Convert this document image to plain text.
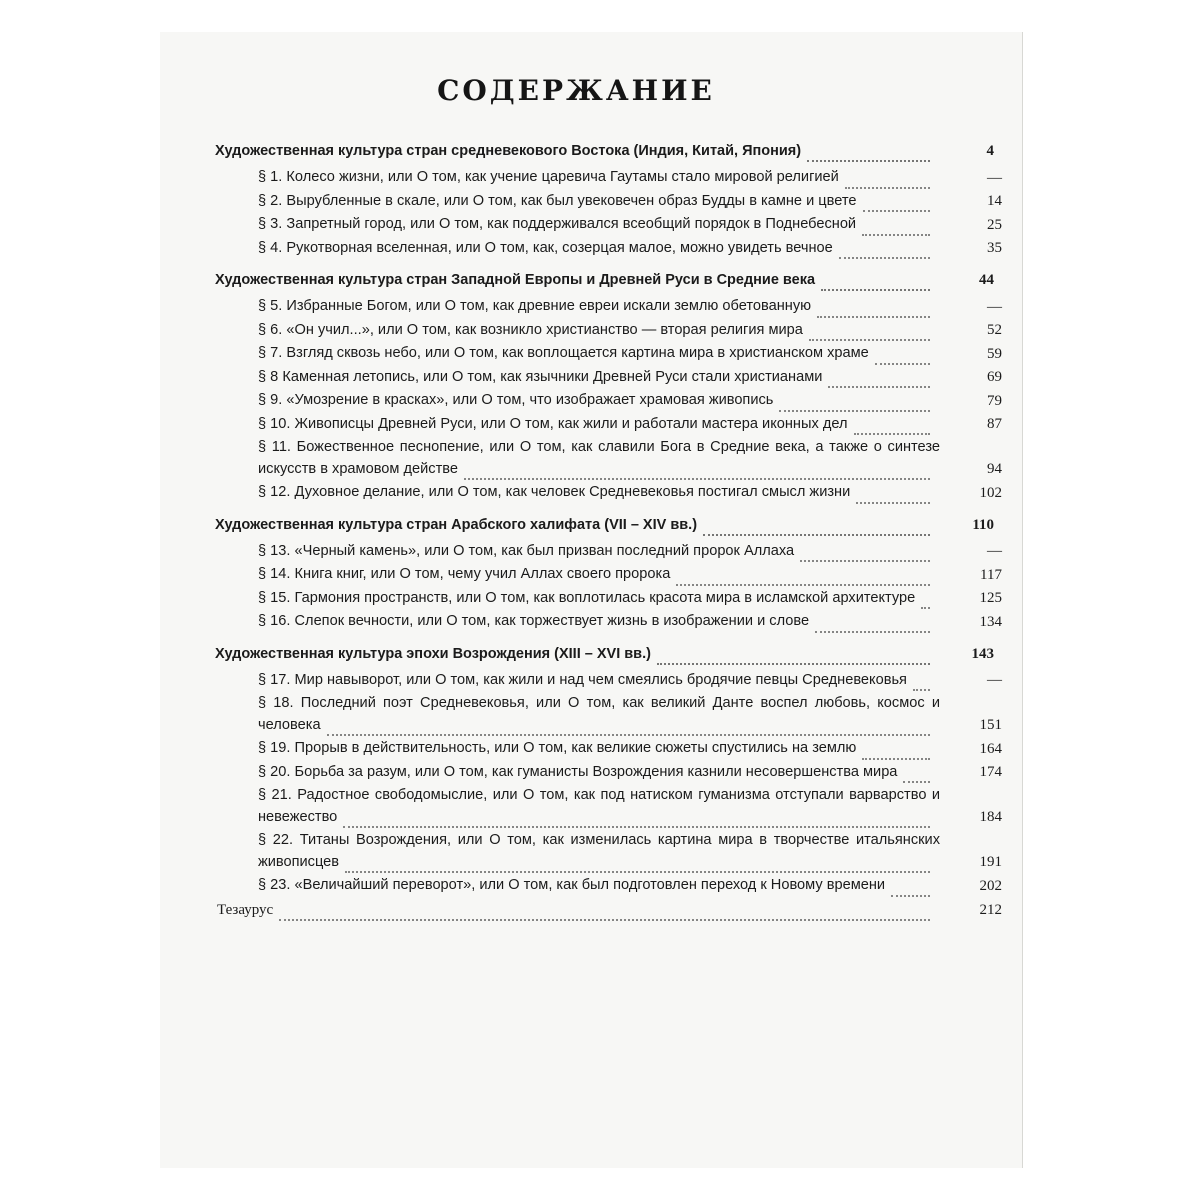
СОДЕРЖАНИЕ
Художественная культура стран средневекового Востока (Индия, Китай, Япония)	4
§ 1. Колесо жизни, или О том, как учение царевича Гаутамы стало мировой религией	—
§ 2. Вырубленные в скале, или О том, как был увековечен образ Будды в камне и цвете	14
§ 3. Запретный город, или О том, как поддерживался всеобщий порядок в Поднебесной	25
§ 4. Рукотворная вселенная, или О том, как, созерцая малое, можно увидеть вечное	35
Художественная культура стран Западной Европы и Древней Руси в Средние века	44
§ 5. Избранные Богом, или О том, как древние евреи искали землю обетованную	—
§ 6. «Он учил...», или О том, как возникло христианство — вторая религия мира	52
§ 7. Взгляд сквозь небо, или О том, как воплощается картина мира в христианском храме	59
§ 8 Каменная летопись, или О том, как язычники Древней Руси стали христианами	69
§ 9. «Умозрение в красках», или О том, что изображает храмовая живопись	79
§ 10. Живописцы Древней Руси, или О том, как жили и работали мастера иконных дел	87
§ 11. Божественное песнопение, или О том, как славили Бога в Средние века, а также о синтезе искусств в храмовом действе	94
§ 12. Духовное делание, или О том, как человек Средневековья постигал смысл жизни	102
Художественная культура стран Арабского халифата (VII – XIV вв.)	110
§ 13. «Черный камень», или О том, как был призван последний пророк Аллаха	—
§ 14. Книга книг, или О том, чему учил Аллах своего пророка	117
§ 15. Гармония пространств, или О том, как воплотилась красота мира в исламской архитектуре	125
§ 16. Слепок вечности, или О том, как торжествует жизнь в изображении и слове	134
Художественная культура эпохи Возрождения (XIII – XVI вв.)	143
§ 17. Мир навыворот, или О том, как жили и над чем смеялись бродячие певцы Средневековья	—
§ 18. Последний поэт Средневековья, или О том, как великий Данте воспел любовь, космос и человека	151
§ 19. Прорыв в действительность, или О том, как великие сюжеты спустились на землю	164
§ 20. Борьба за разум, или О том, как гуманисты Возрождения казнили несовершенства мира	174
§ 21. Радостное свободомыслие, или О том, как под натиском гуманизма отступали варварство и невежество	184
§ 22. Титаны Возрождения, или О том, как изменилась картина мира в творчестве итальянских живописцев	191
§ 23. «Величайший переворот», или О том, как был подготовлен переход к Новому времени	202
Тезаурус	212
